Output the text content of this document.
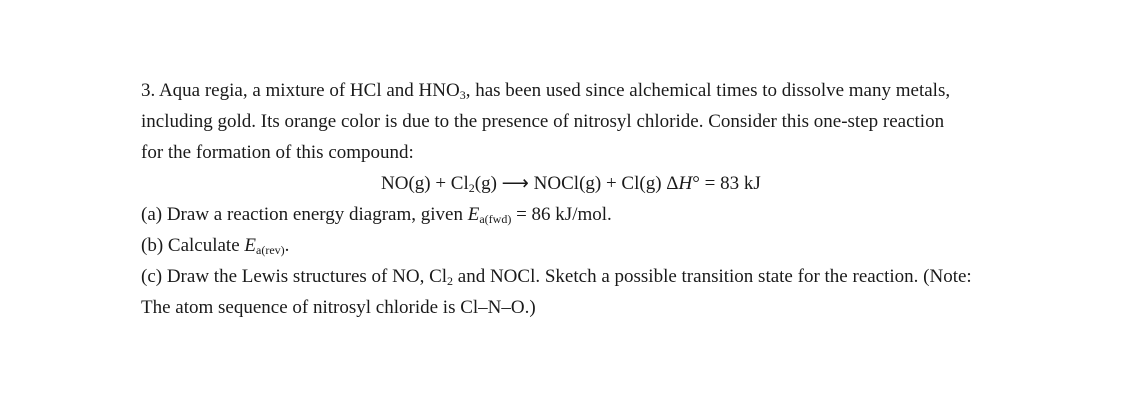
3. Aqua regia, a mixture of HCl and $HNO_3$, has been used since alchemical times to dissolve many metals,
including gold. Its orange color is due to the presence of nitrosyl chloride. Consider this one-step reaction
for the formation of this compound:
$NO(g) + Cl_2(g)$ ⟶ NOCl(g) + Cl(g) ΔH° = 83 kJ
(a) Draw a reaction energy diagram, given $E_{a(fwd)} = 86$ kJ/mol.
(b) Calculate $E_{a(rev)}$.
(c) Draw the Lewis structures of NO, $Cl_2$ and NOCl. Sketch a possible transition state for the reaction. (Note:
The atom sequence of nitrosyl chloride is Cl–N–O.)
